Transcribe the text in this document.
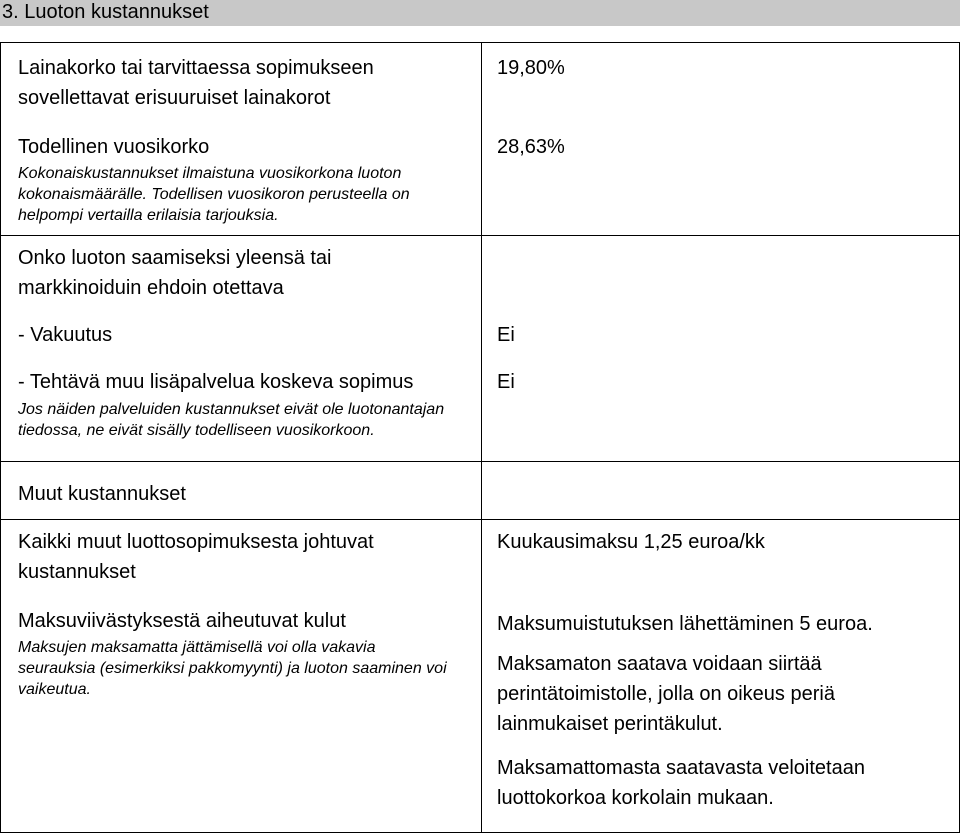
3. Luoton kustannukset
Lainakorko tai tarvittaessa sopimukseen sovellettavat erisuuruiset lainakorot
19,80%
Todellinen vuosikorko
Kokonaiskustannukset ilmaistuna vuosikorkona luoton kokonaismäärälle. Todellisen vuosikoron perusteella on helpompi vertailla erilaisia tarjouksia.
28,63%
Onko luoton saamiseksi yleensä tai markkinoiduin ehdoin otettava
- Vakuutus	Ei
- Tehtävä muu lisäpalvelua koskeva sopimus
Jos näiden palveluiden kustannukset eivät ole luotonantajan tiedossa, ne eivät sisälly todelliseen vuosikorkoon.
Ei
Muut kustannukset
Kaikki muut luottosopimuksesta johtuvat kustannukset
Kuukausimaksu 1,25 euroa/kk
Maksuviivästyksestä aiheutuvat kulut
Maksujen maksamatta jättämisellä voi olla vakavia seurauksia (esimerkiksi pakkomyynti) ja luoton saaminen voi vaikeutua.
Maksumuistutuksen lähettäminen 5 euroa.
Maksamaton saatava voidaan siirtää perintätoimistolle, jolla on oikeus periä lainmukaiset perintäkulut.
Maksamattomasta saatavasta veloitetaan luottokorkoa korkolain mukaan.
